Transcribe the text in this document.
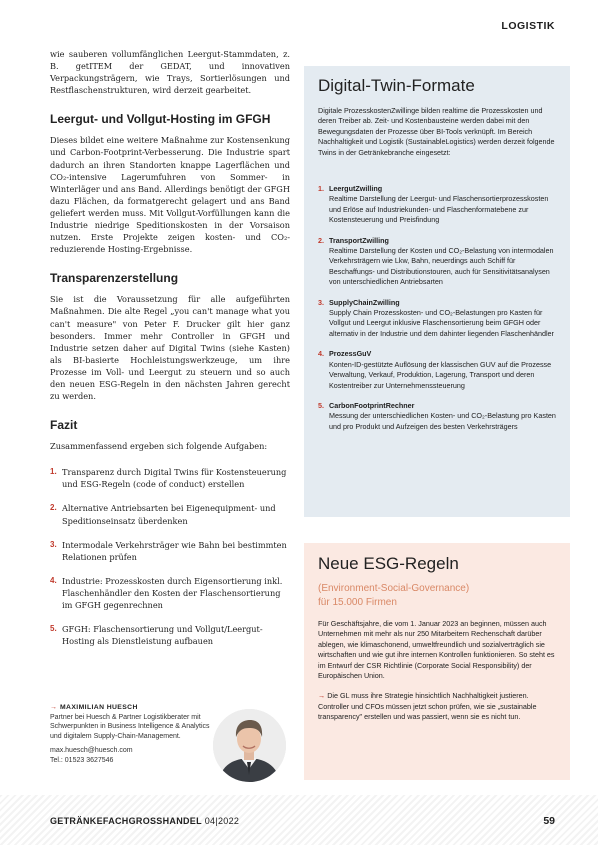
LOGISTIK

wie sauberen vollumfänglichen Leergut-Stammdaten, z. B. getITEM der GEDAT, und innovativen Verpackungsträgern, wie Trays, Sortierlösungen und Restflaschenstrukturen, wird derzeit gearbeitet.

Leergut- und Vollgut-Hosting im GFGH

Dieses bildet eine weitere Maßnahme zur Kostensenkung und Carbon-Footprint-Verbesserung. Die Industrie spart dadurch an ihren Standorten knappe Lagerflächen und CO₂-intensive Lagerumfuhren von Sommer- in Winterläger und ans Band. Allerdings benötigt der GFGH dazu Flächen, da formatgerecht gelagert und ans Band geliefert werden muss. Mit Vollgut-Vorfüllungen kann die Industrie niedrige Speditionskosten in der Vorsaison nutzen. Erste Projekte zeigen kosten- und CO₂-reduzierende Hosting-Ergebnisse.

Transparenzerstellung

Sie ist die Voraussetzung für alle aufgeführten Maßnahmen. Die alte Regel „you can't manage what you can't measure" von Peter F. Drucker gilt hier ganz besonders. Immer mehr Controller in GFGH und Industrie setzen daher auf Digital Twins (siehe Kasten) als BI-basierte Hochleistungswerkzeuge, um ihre Prozesse im Voll- und Leergut zu steuern und so auch den neuen ESG-Regeln in den nächsten Jahren gerecht zu werden.

Fazit

Zusammenfassend ergeben sich folgende Aufgaben:

1. Transparenz durch Digital Twins für Kostensteuerung und ESG-Regeln (code of conduct) erstellen
2. Alternative Antriebsarten bei Eigenequipment- und Speditionseinsatz überdenken
3. Intermodale Verkehrsträger wie Bahn bei bestimmten Relationen prüfen
4. Industrie: Prozesskosten durch Eigensortierung inkl. Flaschenhändler den Kosten der Flaschensortierung im GFGH gegenrechnen
5. GFGH: Flaschensortierung und Vollgut/Leergut-Hosting als Dienstleistung aufbauen
→ MAXIMILIAN HUESCH
Partner bei Huesch & Partner Logistikberater mit Schwerpunkten in Business Intelligence & Analytics und digitalem Supply-Chain-Management.
max.huesch@huesch.com
Tel.: 01523 3627546
Digital-Twin-Formate
Digitale ProzesskostenZwillinge bilden realtime die Prozesskosten und deren Treiber ab. Zeit- und Kostenbausteine werden dabei mit den Bewegungsdaten der Prozesse über BI-Tools verknüpft. Im Bereich Nachhaltigkeit und Logistik (SustainableLogistics) werden derzeit folgende Twins in der Getränkebranche eingesetzt:
1. LeergutZwilling
Realtime Darstellung der Leergut- und Flaschensortierprozesskosten und Erlöse auf Industriekunden- und Flaschenformatebene zur Kostensteuerung und Preisfindung
2. TransportZwilling
Realtime Darstellung der Kosten und CO₂-Belastung von intermodalen Verkehrsträgern wie Lkw, Bahn, neuerdings auch Schiff für Beschaffungs- und Distributionstouren, auch für Sensitivitätsanalysen von unterschiedlichen Antriebsarten
3. SupplyChainZwilling
Supply Chain Prozesskosten- und CO₂-Belastungen pro Kasten für Vollgut und Leergut inklusive Flaschensortierung beim GFGH oder alternativ in der Industrie und dem dahinter liegenden Flaschenhändler
4. ProzessGuV
Konten-ID-gestützte Auflösung der klassischen GUV auf die Prozesse Verwaltung, Verkauf, Produktion, Lagerung, Transport und deren Kostentreiber zur Unternehmenssteuerung
5. CarbonFootprintRechner
Messung der unterschiedlichen Kosten- und CO₂-Belastung pro Kasten und pro Produkt und Aufzeigen des besten Verkehrsträgers
Neue ESG-Regeln
(Environment-Social-Governance)
für 15.000 Firmen
Für Geschäftsjahre, die vom 1. Januar 2023 an beginnen, müssen auch Unternehmen mit mehr als nur 250 Mitarbeitern Rechenschaft darüber ablegen, wie klimaschonend, umweltfreundlich und sozialverträglich sie wirtschaften und wie gut ihre internen Kontrollen funktionieren. So steht es im Entwurf der CSR Richtlinie (Corporate Social Responsibility) der Europäischen Union.
→ Die GL muss ihre Strategie hinsichtlich Nachhaltigkeit justieren. Controller und CFOs müssen jetzt schon prüfen, wie sie „sustainable transparency" erstellen und was passiert, wenn sie es nicht tun.
GETRÄNKEFACHGROSSHANDEL 04|2022	59
